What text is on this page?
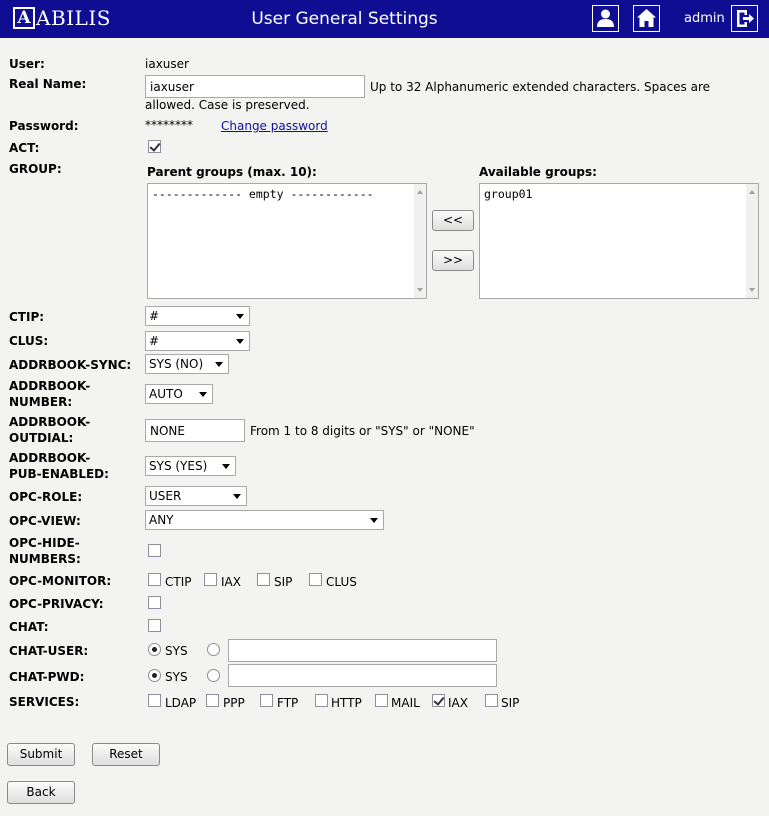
A ABILIS	User General Settings	admin
User:	iaxuser
Real Name:
iaxuser	Up to 32 Alphanumeric extended characters. Spaces are
allowed. Case is preserved.
Password:	******** Change password
ACT:
GROUP:	Parent groups (max. 10):
------------- empty ------------
<<
>>
Available groups:
group01
CTIP:	#
CLUS:	#
ADDRBOOK-SYNC:	SYS (NO)
ADDRBOOK-
NUMBER:
AUTO
ADDRBOOK-
OUTDIAL:
NONE	From 1 to 8 digits or "SYS" or "NONE"
ADDRBOOK-
PUB-ENABLED:
SYS (YES)
OPC-ROLE:	USER
OPC-VIEW:	ANY
OPC-HIDE-
NUMBERS:
OPC-MONITOR:	CTIP IAX	SIP	CLUS
OPC-PRIVACY:
CHAT:
CHAT-USER:	SYS
CHAT-PWD:	SYS
SERVICES:	LDAP PPP	FTP	HTTP MAIL IAX	SIP
Submit	Reset
Back
